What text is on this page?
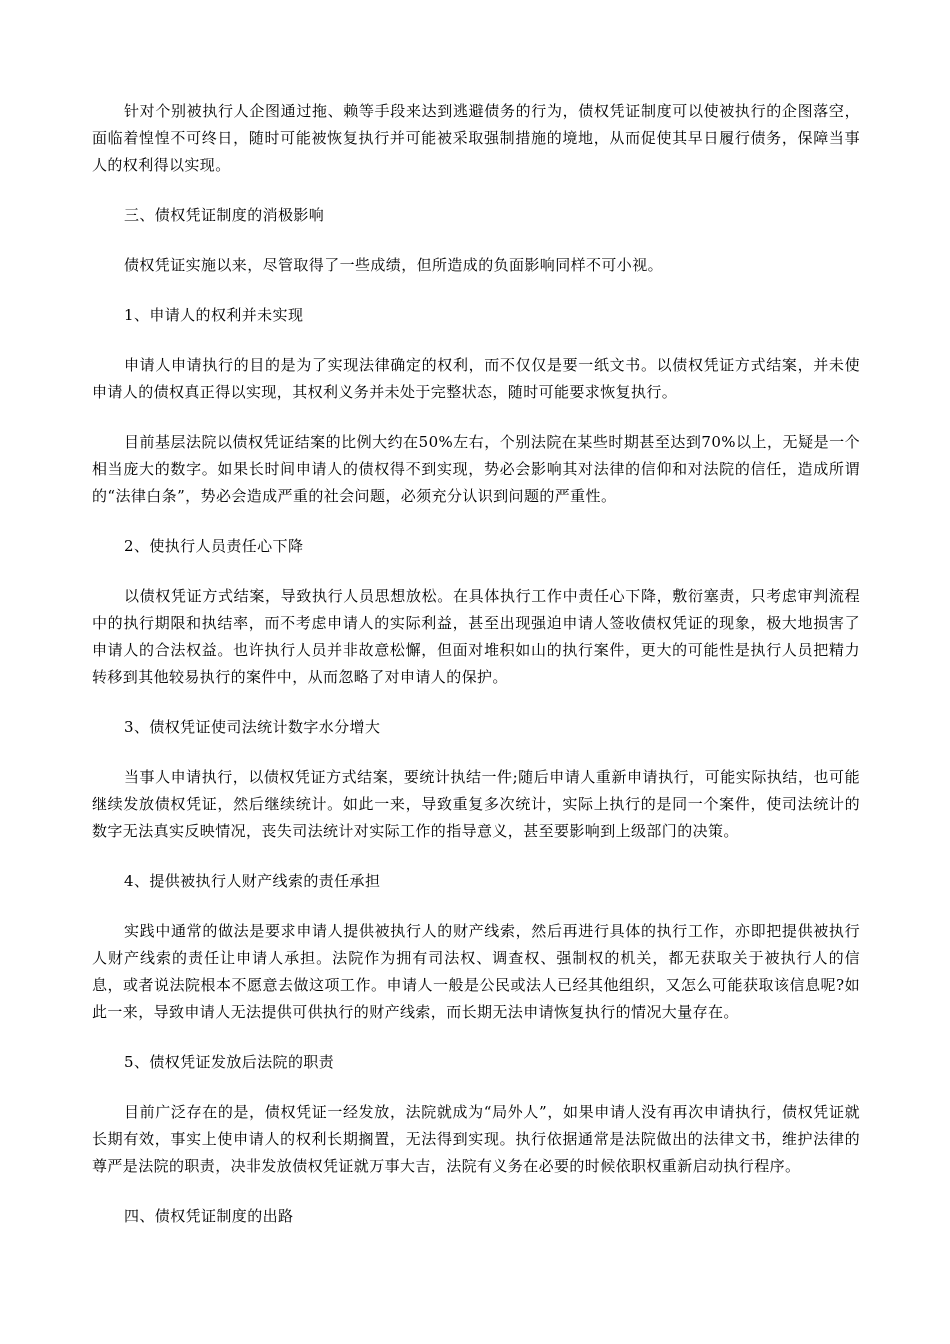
针对个别被执行人企图通过拖、赖等手段来达到逃避债务的行为，债权凭证制度可以使被执行的企图落空，面临着惶惶不可终日，随时可能被恢复执行并可能被采取强制措施的境地，从而促使其早日履行债务，保障当事人的权利得以实现。

三、债权凭证制度的消极影响

债权凭证实施以来，尽管取得了一些成绩，但所造成的负面影响同样不可小视。

1、申请人的权利并未实现

申请人申请执行的目的是为了实现法律确定的权利，而不仅仅是要一纸文书。以债权凭证方式结案，并未使申请人的债权真正得以实现，其权利义务并未处于完整状态，随时可能要求恢复执行。

目前基层法院以债权凭证结案的比例大约在50%左右，个别法院在某些时期甚至达到70%以上，无疑是一个相当庞大的数字。如果长时间申请人的债权得不到实现，势必会影响其对法律的信仰和对法院的信任，造成所谓的“法律白条”，势必会造成严重的社会问题，必须充分认识到问题的严重性。

2、使执行人员责任心下降

以债权凭证方式结案，导致执行人员思想放松。在具体执行工作中责任心下降，敷衍塞责，只考虑审判流程中的执行期限和执结率，而不考虑申请人的实际利益，甚至出现强迫申请人签收债权凭证的现象，极大地损害了申请人的合法权益。也许执行人员并非故意松懈，但面对堆积如山的执行案件，更大的可能性是执行人员把精力转移到其他较易执行的案件中，从而忽略了对申请人的保护。

3、债权凭证使司法统计数字水分增大

当事人申请执行，以债权凭证方式结案，要统计执结一件;随后申请人重新申请执行，可能实际执结，也可能继续发放债权凭证，然后继续统计。如此一来，导致重复多次统计，实际上执行的是同一个案件，使司法统计的数字无法真实反映情况，丧失司法统计对实际工作的指导意义，甚至要影响到上级部门的决策。

4、提供被执行人财产线索的责任承担

实践中通常的做法是要求申请人提供被执行人的财产线索，然后再进行具体的执行工作，亦即把提供被执行人财产线索的责任让申请人承担。法院作为拥有司法权、调查权、强制权的机关，都无获取关于被执行人的信息，或者说法院根本不愿意去做这项工作。申请人一般是公民或法人已经其他组织，又怎么可能获取该信息呢?如此一来，导致申请人无法提供可供执行的财产线索，而长期无法申请恢复执行的情况大量存在。

5、债权凭证发放后法院的职责

目前广泛存在的是，债权凭证一经发放，法院就成为“局外人”，如果申请人没有再次申请执行，债权凭证就长期有效，事实上使申请人的权利长期搁置，无法得到实现。执行依据通常是法院做出的法律文书，维护法律的尊严是法院的职责，决非发放债权凭证就万事大吉，法院有义务在必要的时候依职权重新启动执行程序。

四、债权凭证制度的出路
